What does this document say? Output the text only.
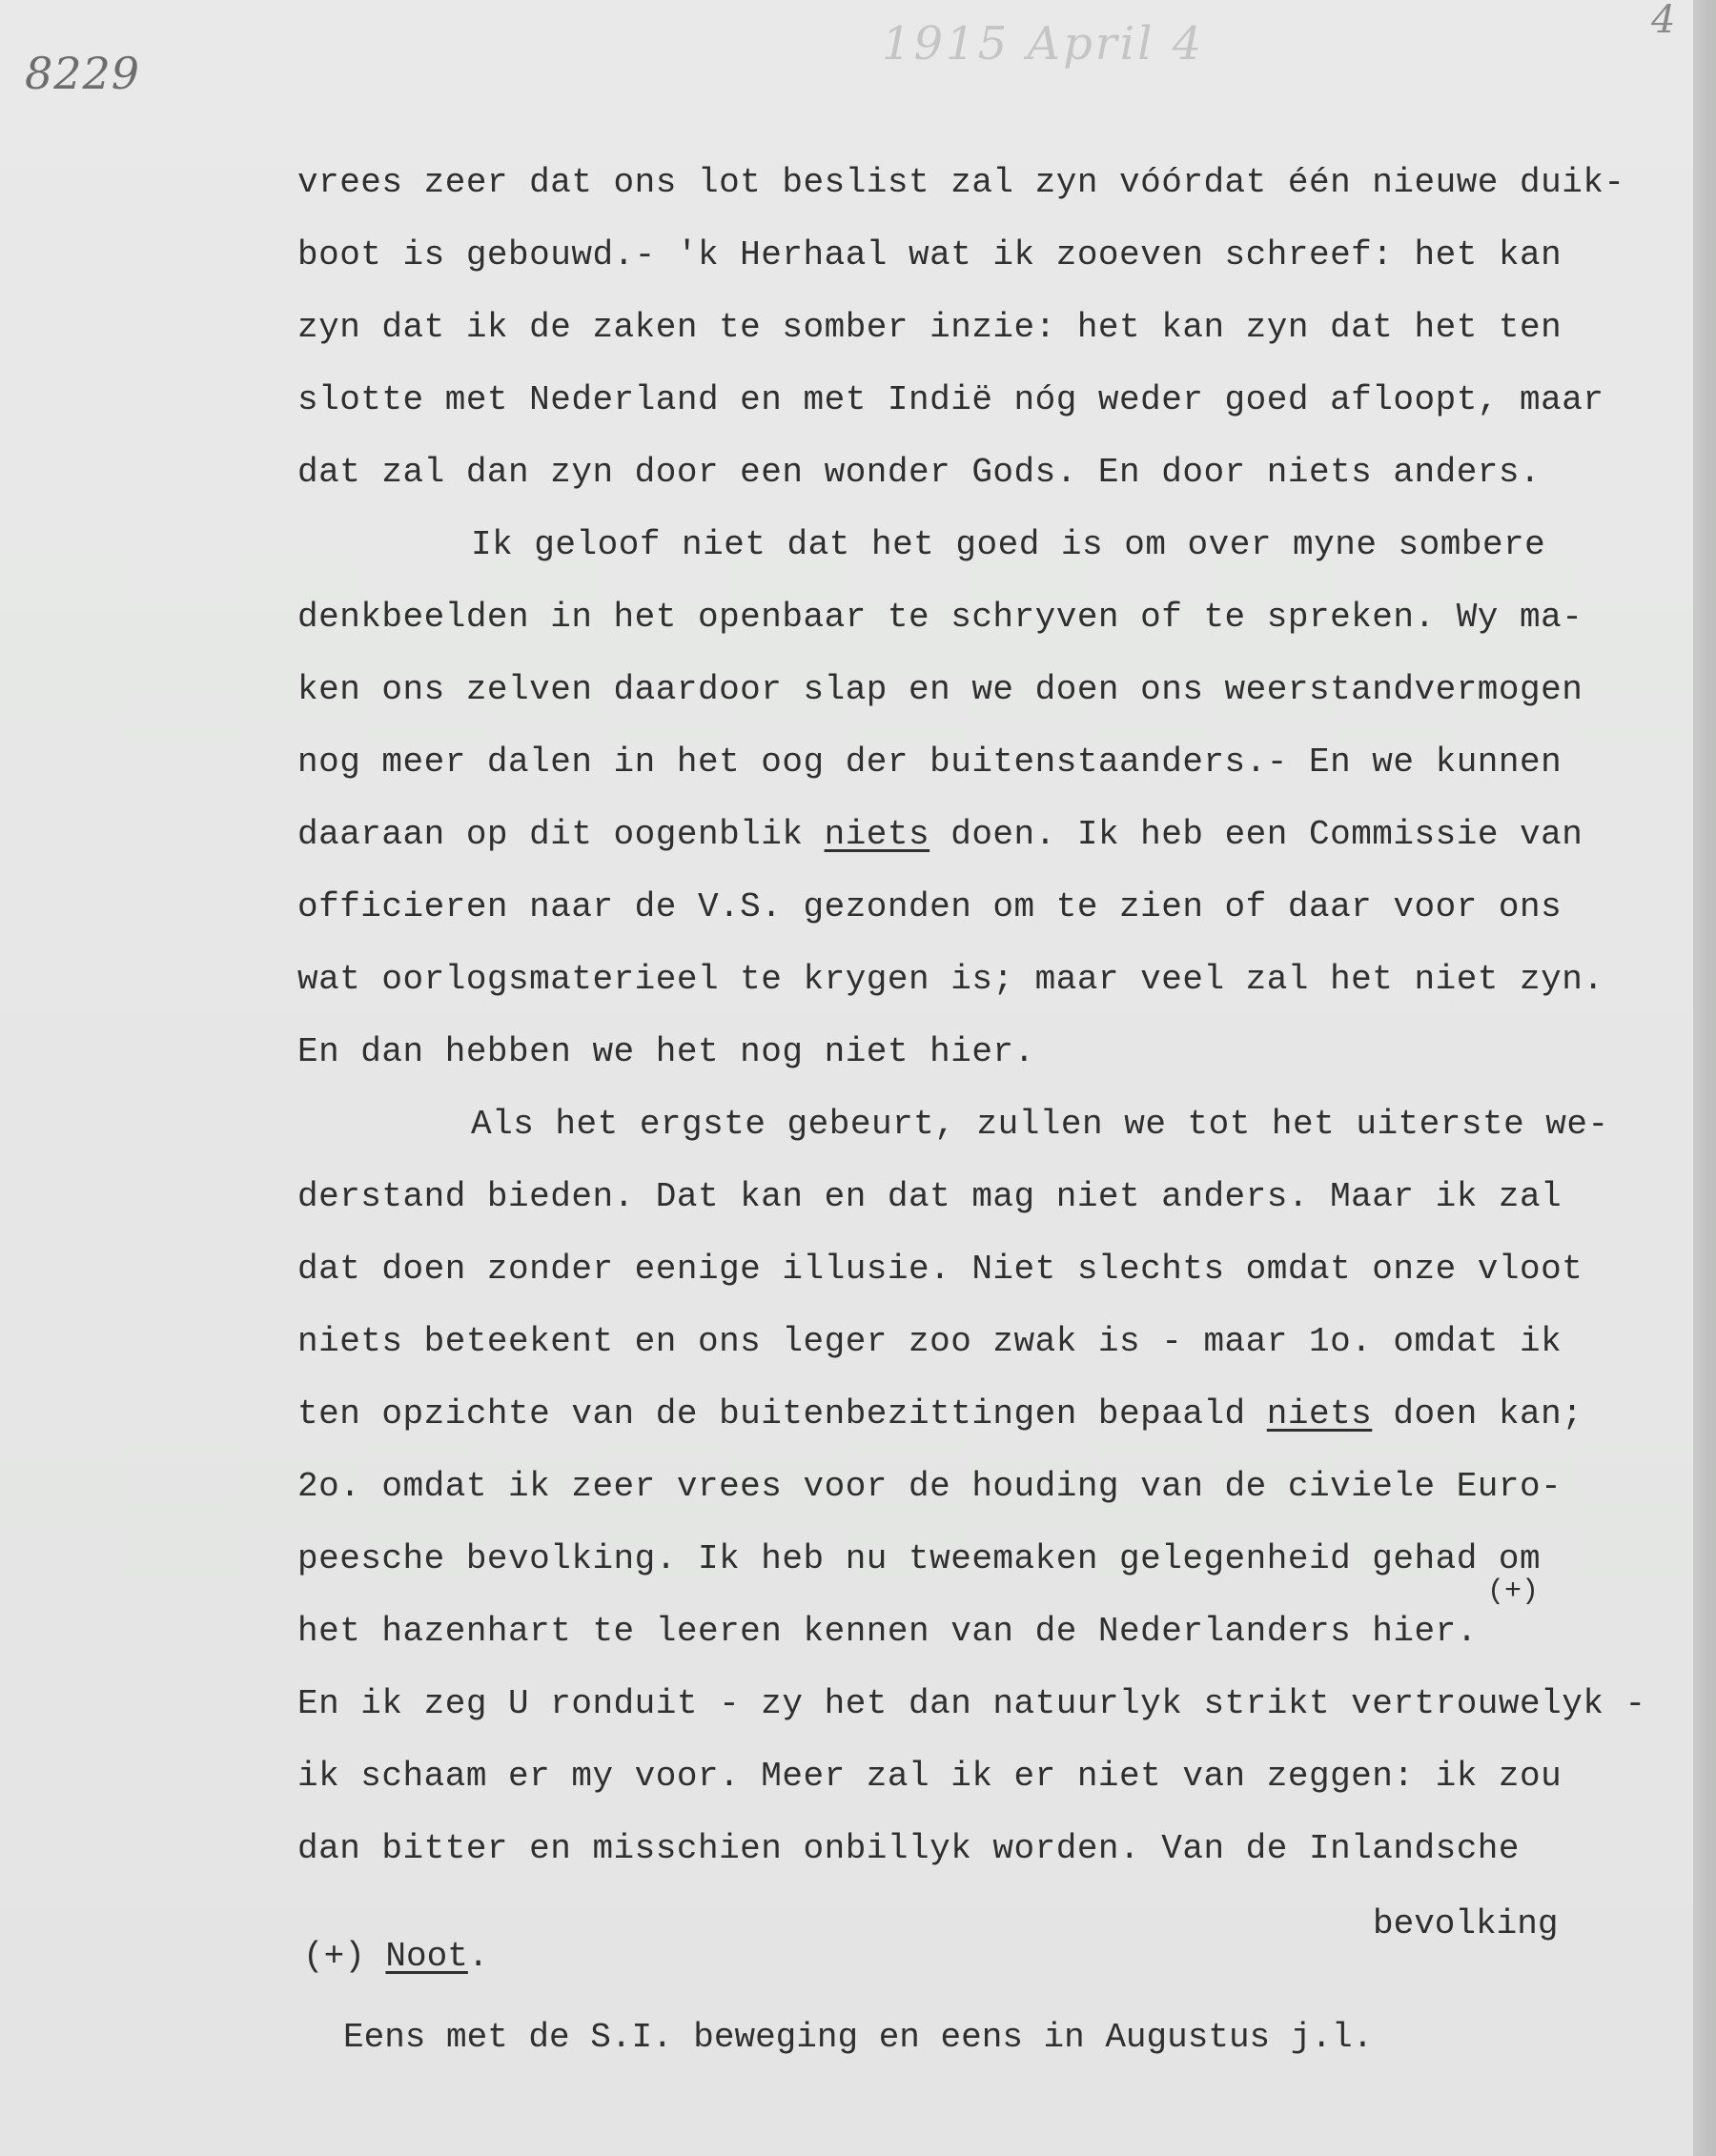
8229
1915 April 4	4
vrees zeer dat ons lot beslist zal zyn vóórdat één nieuwe duik-
boot is gebouwd.- 'k Herhaal wat ik zooeven schreef: het kan
zyn dat ik de zaken te somber inzie: het kan zyn dat het ten
slotte met Nederland en met Indië nóg weder goed afloopt, maar
dat zal dan zyn door een wonder Gods. En door niets anders.
Ik geloof niet dat het goed is om over myne sombere
denkbeelden in het openbaar te schryven of te spreken. Wy ma-
ken ons zelven daardoor slap en we doen ons weerstandvermogen
nog meer dalen in het oog der buitenstaanders.- En we kunnen
daaraan op dit oogenblik niets doen. Ik heb een Commissie van
officieren naar de V.S. gezonden om te zien of daar voor ons
wat oorlogsmaterieel te krygen is; maar veel zal het niet zyn.
En dan hebben we het nog niet hier.
Als het ergste gebeurt, zullen we tot het uiterste we-
derstand bieden. Dat kan en dat mag niet anders. Maar ik zal
dat doen zonder eenige illusie. Niet slechts omdat onze vloot
niets beteekent en ons leger zoo zwak is - maar 1o. omdat ik
ten opzichte van de buitenbezittingen bepaald niets doen kan;
2o. omdat ik zeer vrees voor de houding van de civiele Euro-
peesche bevolking. Ik heb nu tweemaken gelegenheid gehad om
het hazenhart te leeren kennen van de Nederlanders hier.
En ik zeg U ronduit - zy het dan natuurlyk strikt vertrouwelyk -
ik schaam er my voor. Meer zal ik er niet van zeggen: ik zou
dan bitter en misschien onbillyk worden. Van de Inlandsche
(+)
bevolking
(+) Noot.
Eens met de S.I. beweging en eens in Augustus j.l.
